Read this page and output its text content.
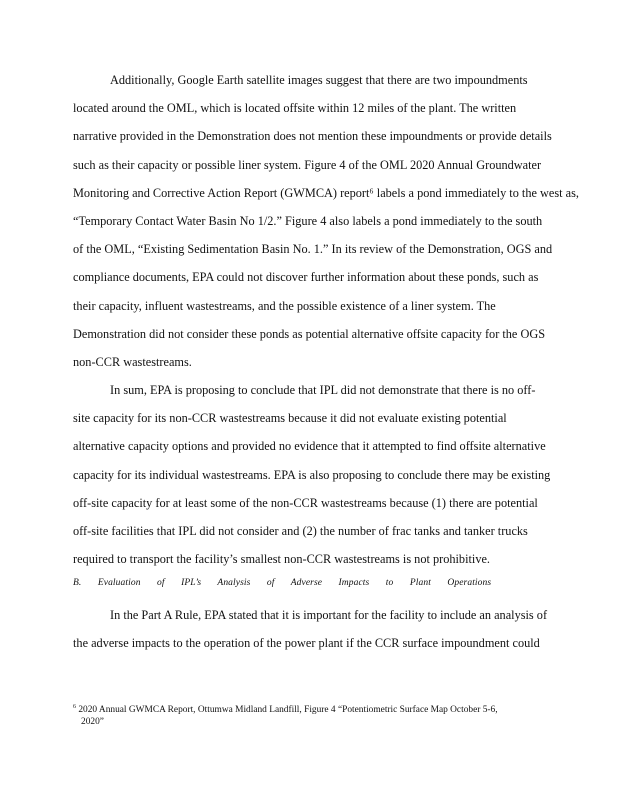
Additionally, Google Earth satellite images suggest that there are two impoundments
located around the OML, which is located offsite within 12 miles of the plant. The written
narrative provided in the Demonstration does not mention these impoundments or provide details
such as their capacity or possible liner system. Figure 4 of the OML 2020 Annual Groundwater
Monitoring and Corrective Action Report (GWMCA) report⁶ labels a pond immediately to the west as,
“Temporary Contact Water Basin No 1/2.” Figure 4 also labels a pond immediately to the south
of the OML, “Existing Sedimentation Basin No. 1.” In its review of the Demonstration, OGS and
compliance documents, EPA could not discover further information about these ponds, such as
their capacity, influent wastestreams, and the possible existence of a liner system. The
Demonstration did not consider these ponds as potential alternative offsite capacity for the OGS
non-CCR wastestreams.
In sum, EPA is proposing to conclude that IPL did not demonstrate that there is no off-
site capacity for its non-CCR wastestreams because it did not evaluate existing potential
alternative capacity options and provided no evidence that it attempted to find offsite alternative
capacity for its individual wastestreams. EPA is also proposing to conclude there may be existing
off-site capacity for at least some of the non-CCR wastestreams because (1) there are potential
off-site facilities that IPL did not consider and (2) the number of frac tanks and tanker trucks
required to transport the facility’s smallest non-CCR wastestreams is not prohibitive.
B. Evaluation of IPL’s Analysis of Adverse Impacts to Plant Operations
In the Part A Rule, EPA stated that it is important for the facility to include an analysis of
the adverse impacts to the operation of the power plant if the CCR surface impoundment could
$^6$ 2020 Annual GWMCA Report, Ottumwa Midland Landfill, Figure 4 “Potentiometric Surface Map October 5-6,
2020”
